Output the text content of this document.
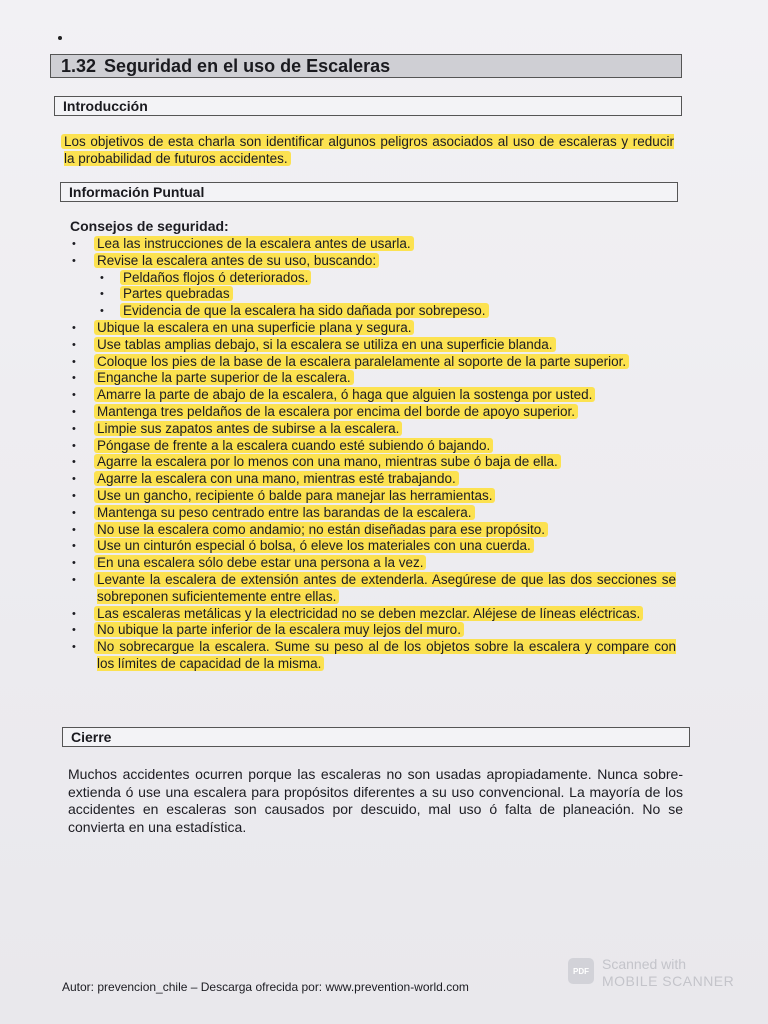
1.32 Seguridad en el uso de Escaleras
Introducción
Los objetivos de esta charla son identificar algunos peligros asociados al uso de escaleras y reducir la probabilidad de futuros accidentes.
Información Puntual
Consejos de seguridad:
• Lea las instrucciones de la escalera antes de usarla.
• Revise la escalera antes de su uso, buscando:
• Peldaños flojos ó deteriorados.
• Partes quebradas
• Evidencia de que la escalera ha sido dañada por sobrepeso.
• Ubique la escalera en una superficie plana y segura.
• Use tablas amplias debajo, si la escalera se utiliza en una superficie blanda.
• Coloque los pies de la base de la escalera paralelamente al soporte de la parte superior.
• Enganche la parte superior de la escalera.
• Amarre la parte de abajo de la escalera, ó haga que alguien la sostenga por usted.
• Mantenga tres peldaños de la escalera por encima del borde de apoyo superior.
• Limpie sus zapatos antes de subirse a la escalera.
• Póngase de frente a la escalera cuando esté subiendo ó bajando.
• Agarre la escalera por lo menos con una mano, mientras sube ó baja de ella.
• Agarre la escalera con una mano, mientras esté trabajando.
• Use un gancho, recipiente ó balde para manejar las herramientas.
• Mantenga su peso centrado entre las barandas de la escalera.
• No use la escalera como andamio; no están diseñadas para ese propósito.
• Use un cinturón especial ó bolsa, ó eleve los materiales con una cuerda.
• En una escalera sólo debe estar una persona a la vez.
• Levante la escalera de extensión antes de extenderla. Asegúrese de que las dos secciones se sobreponen suficientemente entre ellas.
• Las escaleras metálicas y la electricidad no se deben mezclar. Aléjese de líneas eléctricas.
• No ubique la parte inferior de la escalera muy lejos del muro.
• No sobrecargue la escalera. Sume su peso al de los objetos sobre la escalera y compare con los límites de capacidad de la misma.
Cierre
Muchos accidentes ocurren porque las escaleras no son usadas apropiadamente. Nunca sobre-extienda ó use una escalera para propósitos diferentes a su uso convencional. La mayoría de los accidentes en escaleras son causados por descuido, mal uso ó falta de planeación. No se convierta en una estadística.
Autor: prevencion_chile – Descarga ofrecida por: www.prevention-world.com
PDF Scanned with
MOBILE SCANNER
